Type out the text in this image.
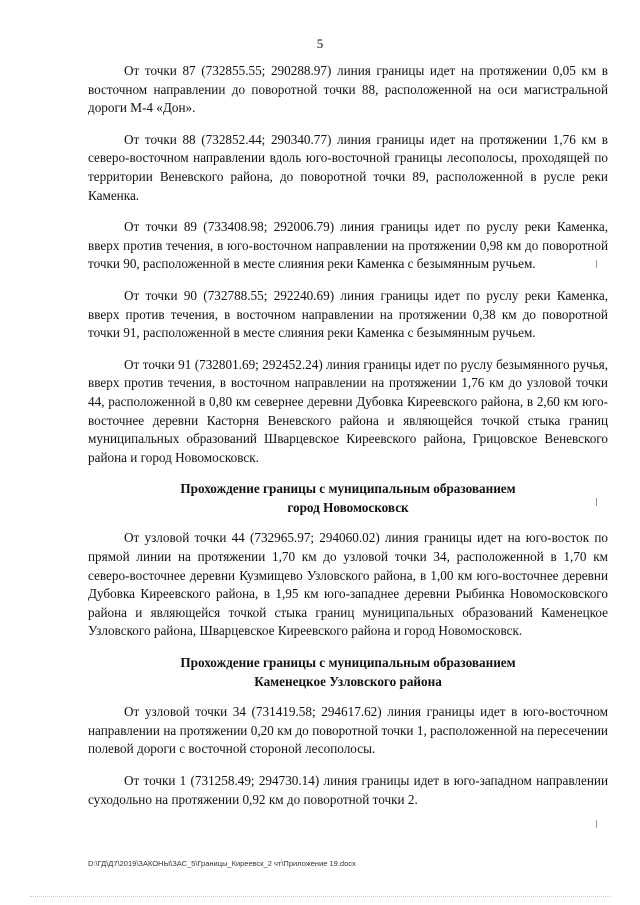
5

От точки 87 (732855.55; 290288.97) линия границы идет на протяжении 0,05 км в восточном направлении до поворотной точки 88, расположенной на оси магистральной дороги М-4 «Дон».

От точки 88 (732852.44; 290340.77) линия границы идет на протяжении 1,76 км в северо-восточном направлении вдоль юго-восточной границы лесополосы, проходящей по территории Веневского района, до поворотной точки 89, расположенной в русле реки Каменка.

От точки 89 (733408.98; 292006.79) линия границы идет по руслу реки Каменка, вверх против течения, в юго-восточном направлении на протяжении 0,98 км до поворотной точки 90, расположенной в месте слияния реки Каменка с безымянным ручьем.

От точки 90 (732788.55; 292240.69) линия границы идет по руслу реки Каменка, вверх против течения, в восточном направлении на протяжении 0,38 км до поворотной точки 91, расположенной в месте слияния реки Каменка с безымянным ручьем.

От точки 91 (732801.69; 292452.24) линия границы идет по руслу безымянного ручья, вверх против течения, в восточном направлении на протяжении 1,76 км до узловой точки 44, расположенной в 0,80 км севернее деревни Дубовка Киреевского района, в 2,60 км юго-восточнее деревни Касторня Веневского района и являющейся точкой стыка границ муниципальных образований Шварцевское Киреевского района, Грицовское Веневского района и город Новомосковск.

Прохождение границы с муниципальным образованием
город Новомосковск

От узловой точки 44 (732965.97; 294060.02) линия границы идет на юго-восток по прямой линии на протяжении 1,70 км до узловой точки 34, расположенной в 1,70 км северо-восточнее деревни Кузмищево Узловского района, в 1,00 км юго-восточнее деревни Дубовка Киреевского района, в 1,95 км юго-западнее деревни Рыбинка Новомосковского района и являющейся точкой стыка границ муниципальных образований Каменецкое Узловского района, Шварцевское Киреевского района и город Новомосковск.

Прохождение границы с муниципальным образованием
Каменецкое Узловского района

От узловой точки 34 (731419.58; 294617.62) линия границы идет в юго-восточном направлении на протяжении 0,20 км до поворотной точки 1, расположенной на пересечении полевой дороги с восточной стороной лесополосы.

От точки 1 (731258.49; 294730.14) линия границы идет в юго-западном направлении суходольно на протяжении 0,92 км до поворотной точки 2.

D:\ГД\Д7\2019\ЗАКОНЫ\ЗАС_5\Границы_Киреевск_2 чт\Приложение 19.docx
